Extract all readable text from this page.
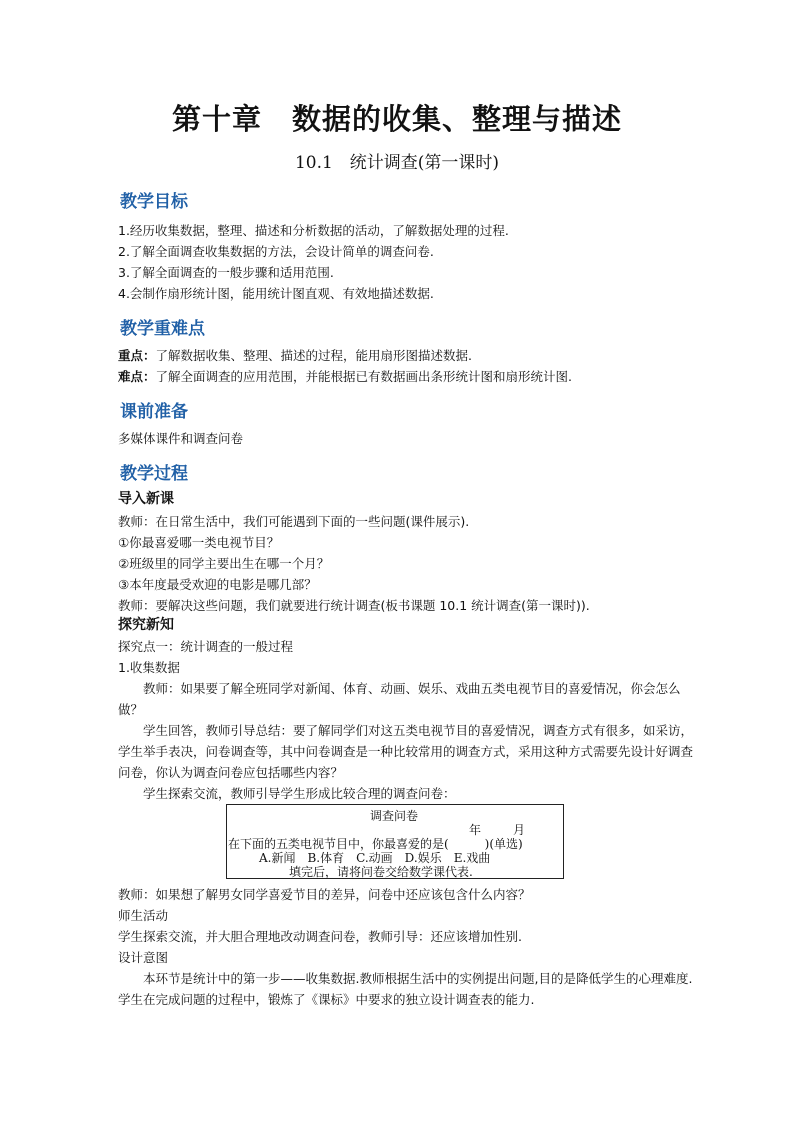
第十章　数据的收集、整理与描述
10.1　统计调查(第一课时)
教学目标
1.经历收集数据，整理、描述和分析数据的活动，了解数据处理的过程.
2.了解全面调查收集数据的方法，会设计简单的调查问卷.
3.了解全面调查的一般步骤和适用范围.
4.会制作扇形统计图，能用统计图直观、有效地描述数据.
教学重难点
重点：了解数据收集、整理、描述的过程，能用扇形图描述数据.
难点：了解全面调查的应用范围，并能根据已有数据画出条形统计图和扇形统计图.
课前准备
多媒体课件和调查问卷
教学过程
导入新课
教师：在日常生活中，我们可能遇到下面的一些问题(课件展示).
①你最喜爱哪一类电视节目？
②班级里的同学主要出生在哪一个月？
③本年度最受欢迎的电影是哪几部？
教师：要解决这些问题，我们就要进行统计调查(板书课题 10.1 统计调查(第一课时)).
探究新知
探究点一：统计调查的一般过程
1.收集数据
教师：如果要了解全班同学对新闻、体育、动画、娱乐、戏曲五类电视节目的喜爱情况，你会怎么做？
学生回答，教师引导总结：要了解同学们对这五类电视节目的喜爱情况，调查方式有很多，如采访，学生举手表决，问卷调查等，其中问卷调查是一种比较常用的调查方式，采用这种方式需要先设计好调查问卷，你认为调查问卷应包括哪些内容？
学生探索交流，教师引导学生形成比较合理的调查问卷：
调查问卷
年	月
在下面的五类电视节目中，你最喜爱的是(　　　)(单选)
A.新闻　B.体育　C.动画　D.娱乐　E.戏曲
填完后，请将问卷交给数学课代表.
教师：如果想了解男女同学喜爱节目的差异，问卷中还应该包含什么内容？
师生活动
学生探索交流，并大胆合理地改动调查问卷，教师引导：还应该增加性别.
设计意图
本环节是统计中的第一步——收集数据.教师根据生活中的实例提出问题,目的是降低学生的心理难度.学生在完成问题的过程中，锻炼了《课标》中要求的独立设计调查表的能力.
